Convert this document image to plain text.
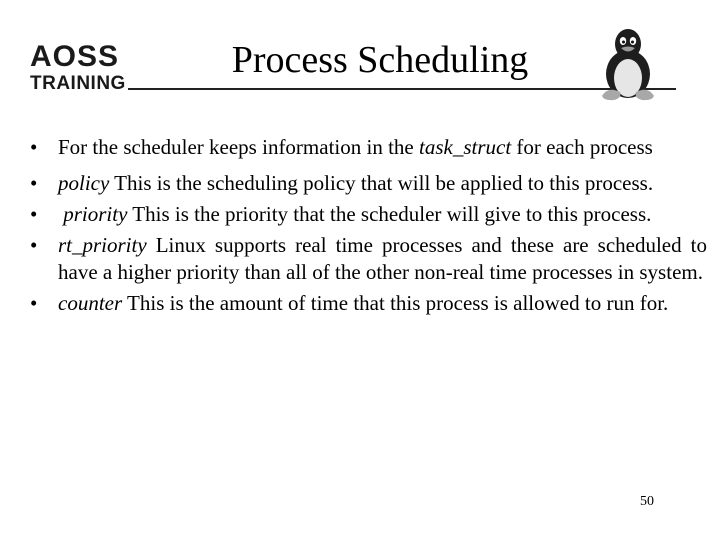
AOSS
TRAINING
Process Scheduling
• For the scheduler keeps information in the task_struct for each process
• policy This is the scheduling policy that will be applied to this process.
• priority This is the priority that the scheduler will give to this process.
• rt_priority Linux supports real time processes and these are scheduled to have a higher priority than all of the other non-real time processes in system.
• counter This is the amount of time that this process is allowed to run for.
50
